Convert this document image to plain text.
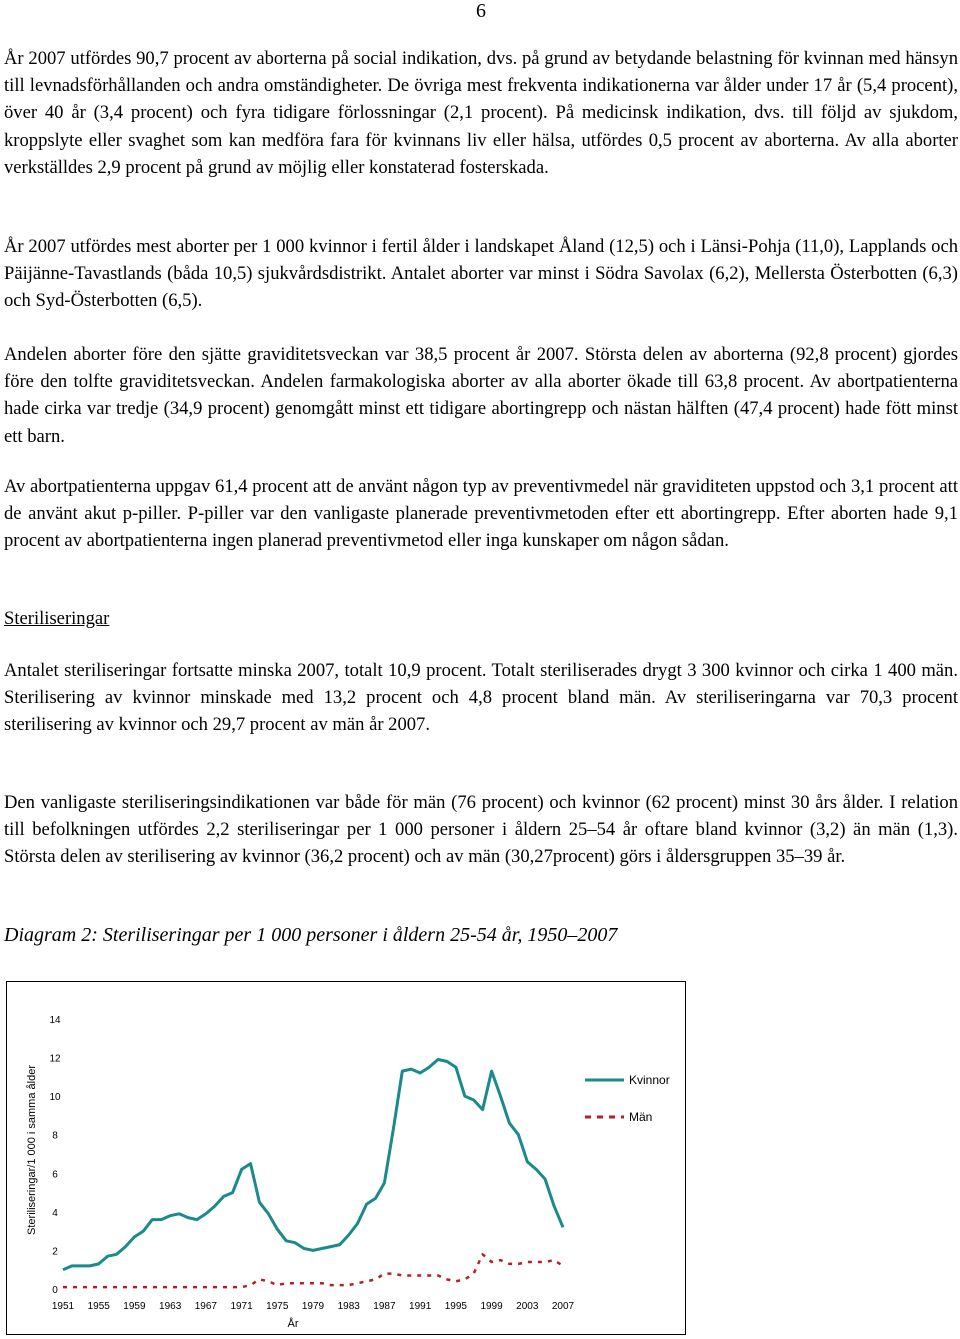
6

År 2007 utfördes 90,7 procent av aborterna på social indikation, dvs. på grund av betydande belastning för kvinnan med hänsyn till levnadsförhållanden och andra omständigheter. De övriga mest frekventa indikationerna var ålder under 17 år (5,4 procent), över 40 år (3,4 procent) och fyra tidigare förlossningar (2,1 procent). På medicinsk indikation, dvs. till följd av sjukdom, kroppslyte eller svaghet som kan medföra fara för kvinnans liv eller hälsa, utfördes 0,5 procent av aborterna. Av alla aborter verkställdes 2,9 procent på grund av möjlig eller konstaterad fosterskada.

År 2007 utfördes mest aborter per 1 000 kvinnor i fertil ålder i landskapet Åland (12,5) och i Länsi-Pohja (11,0), Lapplands och Päijänne-Tavastlands (båda 10,5) sjukvårdsdistrikt. Antalet aborter var minst i Södra Savolax (6,2), Mellersta Österbotten (6,3) och Syd-Österbotten (6,5).

Andelen aborter före den sjätte graviditetsveckan var 38,5 procent år 2007. Största delen av aborterna (92,8 procent) gjordes före den tolfte graviditetsveckan. Andelen farmakologiska aborter av alla aborter ökade till 63,8 procent. Av abortpatienterna hade cirka var tredje (34,9 procent) genomgått minst ett tidigare abortingrepp och nästan hälften (47,4 procent) hade fött minst ett barn.

Av abortpatienterna uppgav 61,4 procent att de använt någon typ av preventivmedel när graviditeten uppstod och 3,1 procent att de använt akut p-piller. P-piller var den vanligaste planerade preventivmetoden efter ett abortingrepp. Efter aborten hade 9,1 procent av abortpatienterna ingen planerad preventivmetod eller inga kunskaper om någon sådan.

Steriliseringar

Antalet steriliseringar fortsatte minska 2007, totalt 10,9 procent. Totalt steriliserades drygt 3 300 kvinnor och cirka 1 400 män. Sterilisering av kvinnor minskade med 13,2 procent och 4,8 procent bland män. Av steriliseringarna var 70,3 procent sterilisering av kvinnor och 29,7 procent av män år 2007.

Den vanligaste steriliseringsindikationen var både för män (76 procent) och kvinnor (62 procent) minst 30 års ålder. I relation till befolkningen utfördes 2,2 steriliseringar per 1 000 personer i åldern 25–54 år oftare bland kvinnor (3,2) än män (1,3). Största delen av sterilisering av kvinnor (36,2 procent) och av män (30,27procent) görs i åldersgruppen 35–39 år.

Diagram 2: Steriliseringar per 1 000 personer i åldern 25-54 år, 1950–2007

0
2
4
6
8
10
12
14
1951 1955 1959 1963 1967 1971 1975 1979 1983 1987 1991 1995 1999 2003 2007
Steriliseringar/1 000 i samma ålder
År
Kvinnor
Män
